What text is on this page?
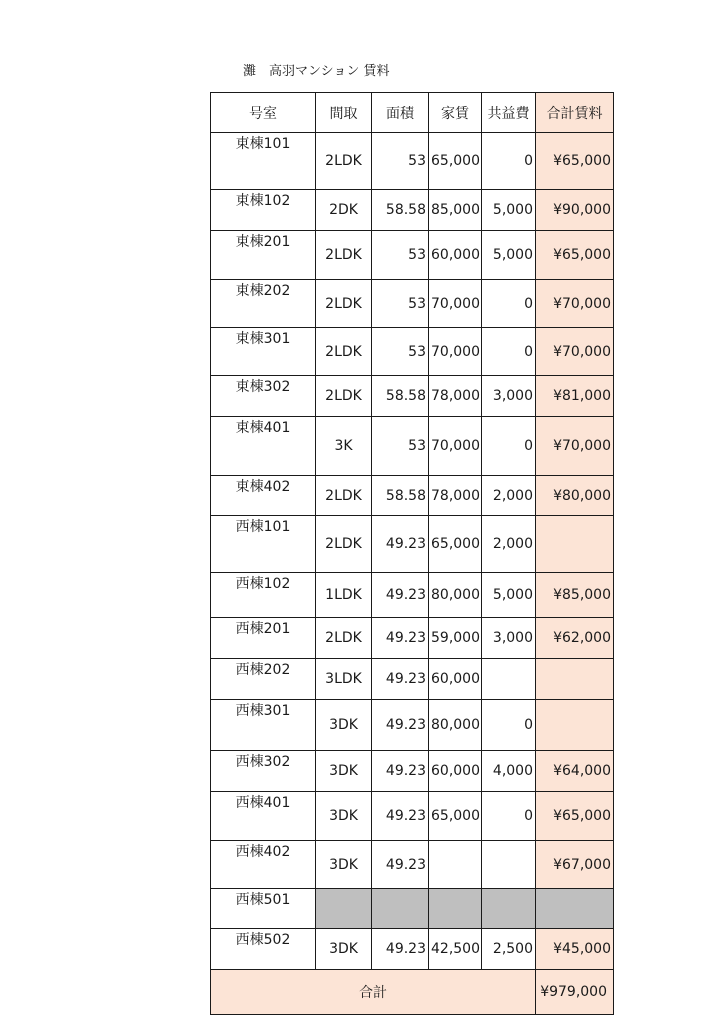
灘　高羽マンション 賃料
号室	間取	面積	家賃	共益費	合計賃料
東棟101	2LDK	53	65,000	0	¥65,000
東棟102	2DK	58.58	85,000	5,000	¥90,000
東棟201	2LDK	53	60,000	5,000	¥65,000
東棟202	2LDK	53	70,000	0	¥70,000
東棟301	2LDK	53	70,000	0	¥70,000
東棟302	2LDK	58.58	78,000	3,000	¥81,000
東棟401	3K	53	70,000	0	¥70,000
東棟402	2LDK	58.58	78,000	2,000	¥80,000
西棟101	2LDK	49.23	65,000	2,000	
西棟102	1LDK	49.23	80,000	5,000	¥85,000
西棟201	2LDK	49.23	59,000	3,000	¥62,000
西棟202	3LDK	49.23	60,000		
西棟301	3DK	49.23	80,000	0	
西棟302	3DK	49.23	60,000	4,000	¥64,000
西棟401	3DK	49.23	65,000	0	¥65,000
西棟402	3DK	49.23			¥67,000
西棟501					
西棟502	3DK	49.23	42,500	2,500	¥45,000
合計					¥979,000
